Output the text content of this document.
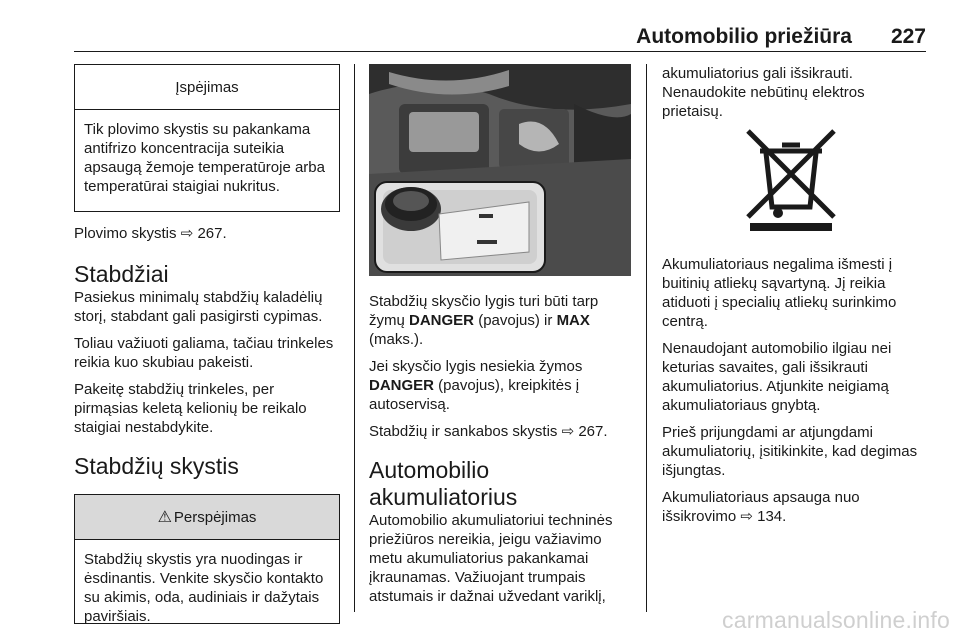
Automobilio priežiūra 227
Įspėjimas
Tik plovimo skystis su pakankama antifrizo koncentracija suteikia apsaugą žemoje temperatūroje arba temperatūrai staigiai nukritus.

Plovimo skystis ⇨ 267.

Stabdžiai

Pasiekus minimalų stabdžių kaladėlių storį, stabdant gali pasigirsti cypimas.

Toliau važiuoti galiama, tačiau trinkeles reikia kuo skubiau pakeisti.

Pakeitę stabdžių trinkeles, per pirmąsias keletą kelionių be reikalo staigiai nestabdykite.

Stabdžių skystis
⚠ Perspėjimas
Stabdžių skystis yra nuodingas ir ėsdinantis. Venkite skysčio kontakto su akimis, oda, audiniais ir dažytais paviršiais.

Stabdžių skysčio lygis turi būti tarp žymų DANGER (pavojus) ir MAX (maks.).

Jei skysčio lygis nesiekia žymos DANGER (pavojus), kreipkitės į autoservisą.

Stabdžių ir sankabos skystis ⇨ 267.

Automobilio akumuliatorius

Automobilio akumuliatoriui techninės priežiūros nereikia, jeigu važiavimo metu akumuliatorius pakankamai įkraunamas. Važiuojant trumpais atstumais ir dažnai užvedant variklį,

akumuliatorius gali išsikrauti. Nenaudokite nebūtinų elektros prietaisų.

Akumuliatoriaus negalima išmesti į buitinių atliekų sąvartyną. Jį reikia atiduoti į specialių atliekų surinkimo centrą.

Nenaudojant automobilio ilgiau nei keturias savaites, gali išsikrauti akumuliatorius. Atjunkite neigiamą akumuliatoriaus gnybtą.

Prieš prijungdami ar atjungdami akumuliatorių, įsitikinkite, kad degimas išjungtas.

Akumuliatoriaus apsauga nuo išsikrovimo ⇨ 134.

carmanualsonline.info
